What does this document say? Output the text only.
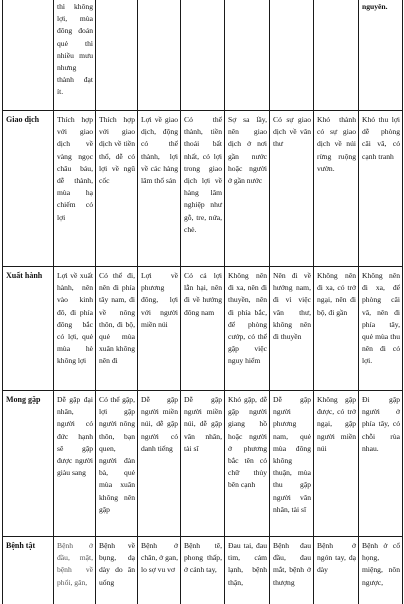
	thì không lợi, mùa đông đoán quẻ thì nhiều mưu nhưng thành đạt ít.							nguyên.
Giao dịch	Thích hợp với giao dịch về vàng ngọc châu báu, dễ thành, mùa hạ chiếm có lợi	Thích hợp với giao dịch về tiền thổ, dễ có lợi về ngũ cốc	Lợi về giao dịch, động có thể thành, lợi về các hàng lâm thổ sản	Có thể thành, tiền thoái bất nhất, có lợi trong giao dịch lợi về hàng lâm nghiệp như gỗ, tre, nứa, chè.	Sợ sa lầy, nên giao dịch ở nơi gần nước hoặc người ở gần nước	Có sự giao dịch về văn thư	Khó thành có sự giao dịch về núi rừng ruộng vườn.	Khó thu lợi dễ phòng cãi vã, có cạnh tranh
Xuất hành	Lợi về xuất hành, nên vào kinh đô, đi phía đông bắc có lợi, quẻ mùa hè không lợi	Có thể đi, nên đi phía tây nam, đi về nông thôn, đi bộ, quẻ mùa xuân không nên đi	Lợi về phương đông, lợi với người miền núi	Có cả lợi lẫn hại, nên đi về hướng đông nam	Không nên đi xa, nên đi thuyền, nên đi phía bắc, để phòng cướp, có thể gặp việc nguy hiểm	Nên đi về hướng nam, đi vì việc văn thư, không nên đi thuyền	Không nên đi xa, có trở ngại, nên đi bộ, đi gần	Không nên đi xa, để phòng cãi vã, nên đi phía tây, quẻ mùa thu nên đi có lợi.
Mong gặp	Dễ gặp đại nhân, người có đức hạnh sẽ gặp được người giàu sang	Có thể gặp, lợi gặp người nông thôn, bạn quen, người đàn bà, quẻ mùa xuân không nên gặp	Dễ gặp người miền núi, dễ gặp người có danh tiếng	Dễ gặp người miền núi, dễ gặp văn nhân, tài sĩ	Khó gặp, dễ gặp người giang hồ hoặc người ở phương bắc tên có chữ thủy bên cạnh	Dễ gặp người phương nam, quẻ mùa đông không thuận, mùa thu gặp người văn nhân, tài sĩ	Không gặp được, có trở ngại, gặp người miền núi	Đi gặp người ở phía tây, có chỗi rùa nhau.
Bệnh tật	Bệnh ở đầu, mặt, bệnh về phổi, gân,	Bệnh về bụng, dạ dày do ăn uống	Bệnh ở chân, ở gan, lo sợ vu vơ	Bệnh tê, phong thấp, ở cánh tay,	Đau tai, đau tim, cảm lạnh, bệnh thận,	Bệnh đau đầu, đau mắt, bệnh ở thượng	Bệnh ở ngón tay, dạ dày	Bệnh ở cổ họng, miệng, nôn ngược,
